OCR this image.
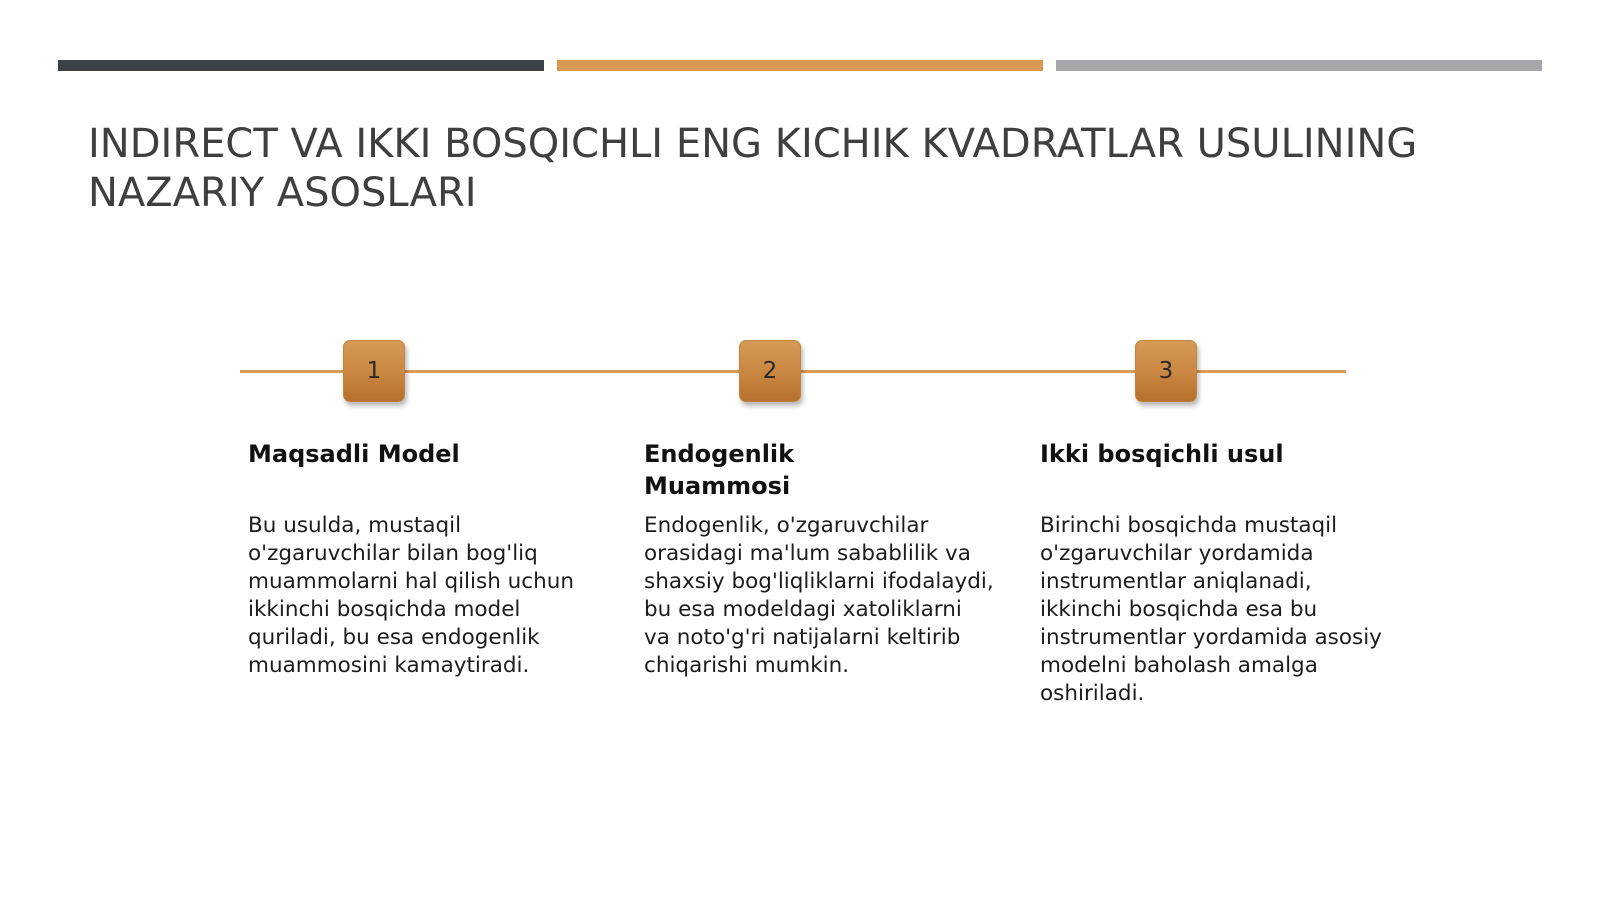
INDIRECT VA IKKI BOSQICHLI ENG KICHIK KVADRATLAR USULINING NAZARIY ASOSLARI
1	2	3
Maqsadli Model

Bu usulda, mustaqil o'zgaruvchilar bilan bog'liq muammolarni hal qilish uchun ikkinchi bosqichda model quriladi, bu esa endogenlik muammosini kamaytiradi.

Endogenlik Muammosi

Endogenlik, o'zgaruvchilar orasidagi ma'lum sabablilik va shaxsiy bog'liqliklarni ifodalaydi, bu esa modeldagi xatoliklarni va noto'g'ri natijalarni keltirib chiqarishi mumkin.

Ikki bosqichli usul

Birinchi bosqichda mustaqil o'zgaruvchilar yordamida instrumentlar aniqlanadi, ikkinchi bosqichda esa bu instrumentlar yordamida asosiy modelni baholash amalga oshiriladi.
